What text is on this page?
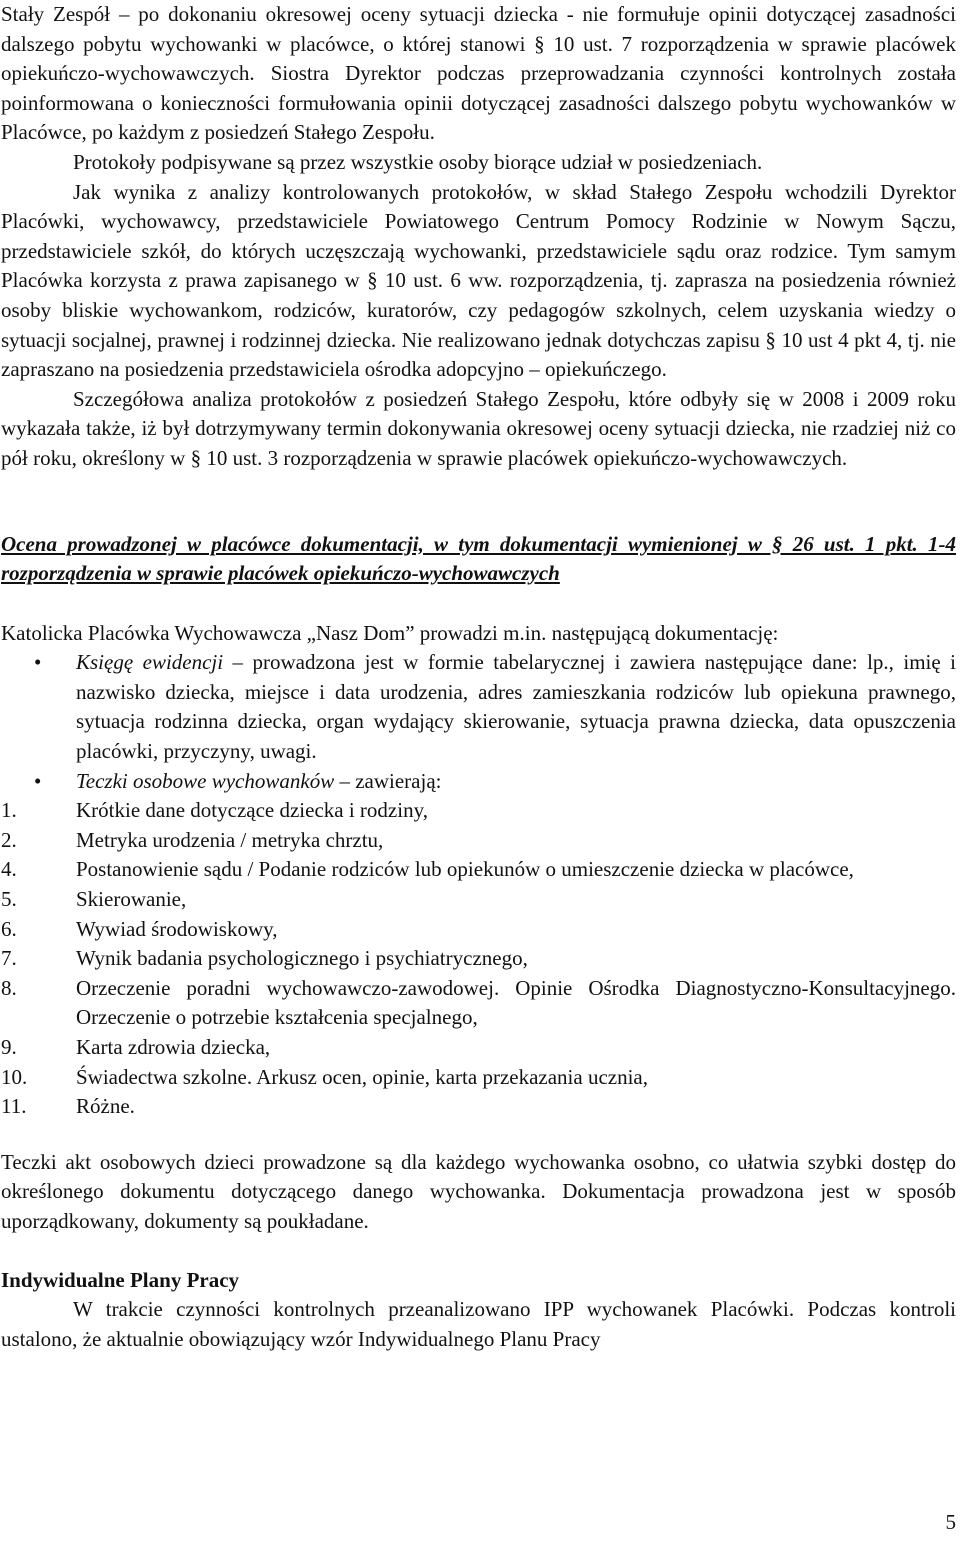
Stały Zespół – po dokonaniu okresowej oceny sytuacji dziecka - nie formułuje opinii dotyczącej zasadności dalszego pobytu wychowanki w placówce, o której stanowi § 10 ust. 7 rozporządzenia w sprawie placówek opiekuńczo-wychowawczych. Siostra Dyrektor podczas przeprowadzania czynności kontrolnych została poinformowana o konieczności formułowania opinii dotyczącej zasadności dalszego pobytu wychowanków w Placówce, po każdym z posiedzeń Stałego Zespołu.

Protokoły podpisywane są przez wszystkie osoby biorące udział w posiedzeniach.

Jak wynika z analizy kontrolowanych protokołów, w skład Stałego Zespołu wchodzili Dyrektor Placówki, wychowawcy, przedstawiciele Powiatowego Centrum Pomocy Rodzinie w Nowym Sączu, przedstawiciele szkół, do których uczęszczają wychowanki, przedstawiciele sądu oraz rodzice. Tym samym Placówka korzysta z prawa zapisanego w § 10 ust. 6 ww. rozporządzenia, tj. zaprasza na posiedzenia również osoby bliskie wychowankom, rodziców, kuratorów, czy pedagogów szkolnych, celem uzyskania wiedzy o sytuacji socjalnej, prawnej i rodzinnej dziecka. Nie realizowano jednak dotychczas zapisu § 10 ust 4 pkt 4, tj. nie zapraszano na posiedzenia przedstawiciela ośrodka adopcyjno – opiekuńczego.

Szczegółowa analiza protokołów z posiedzeń Stałego Zespołu, które odbyły się w 2008 i 2009 roku wykazała także, iż był dotrzymywany termin dokonywania okresowej oceny sytuacji dziecka, nie rzadziej niż co pół roku, określony w § 10 ust. 3 rozporządzenia w sprawie placówek opiekuńczo-wychowawczych.

Ocena prowadzonej w placówce dokumentacji, w tym dokumentacji wymienionej w § 26 ust. 1 pkt. 1-4 rozporządzenia w sprawie placówek opiekuńczo-wychowawczych

Katolicka Placówka Wychowawcza „Nasz Dom” prowadzi m.in. następującą dokumentację:

• Księgę ewidencji – prowadzona jest w formie tabelarycznej i zawiera następujące dane: lp., imię i nazwisko dziecka, miejsce i data urodzenia, adres zamieszkania rodziców lub opiekuna prawnego, sytuacja rodzinna dziecka, organ wydający skierowanie, sytuacja prawna dziecka, data opuszczenia placówki, przyczyny, uwagi.
• Teczki osobowe wychowanków – zawierają:
1.	Krótkie dane dotyczące dziecka i rodziny,
2.	Metryka urodzenia / metryka chrztu,
4.	Postanowienie sądu / Podanie rodziców lub opiekunów o umieszczenie dziecka w placówce,
5.	Skierowanie,
6.	Wywiad środowiskowy,
7.	Wynik badania psychologicznego i psychiatrycznego,
8.	Orzeczenie poradni wychowawczo-zawodowej. Opinie Ośrodka Diagnostyczno-Konsultacyjnego. Orzeczenie o potrzebie kształcenia specjalnego,
9.	Karta zdrowia dziecka,
10. Świadectwa szkolne. Arkusz ocen, opinie, karta przekazania ucznia,
11. Różne.

Teczki akt osobowych dzieci prowadzone są dla każdego wychowanka osobno, co ułatwia szybki dostęp do określonego dokumentu dotyczącego danego wychowanka. Dokumentacja prowadzona jest w sposób uporządkowany, dokumenty są poukładane.

Indywidualne Plany Pracy

W trakcie czynności kontrolnych przeanalizowano IPP wychowanek Placówki. Podczas kontroli ustalono, że aktualnie obowiązujący wzór Indywidualnego Planu Pracy

5
